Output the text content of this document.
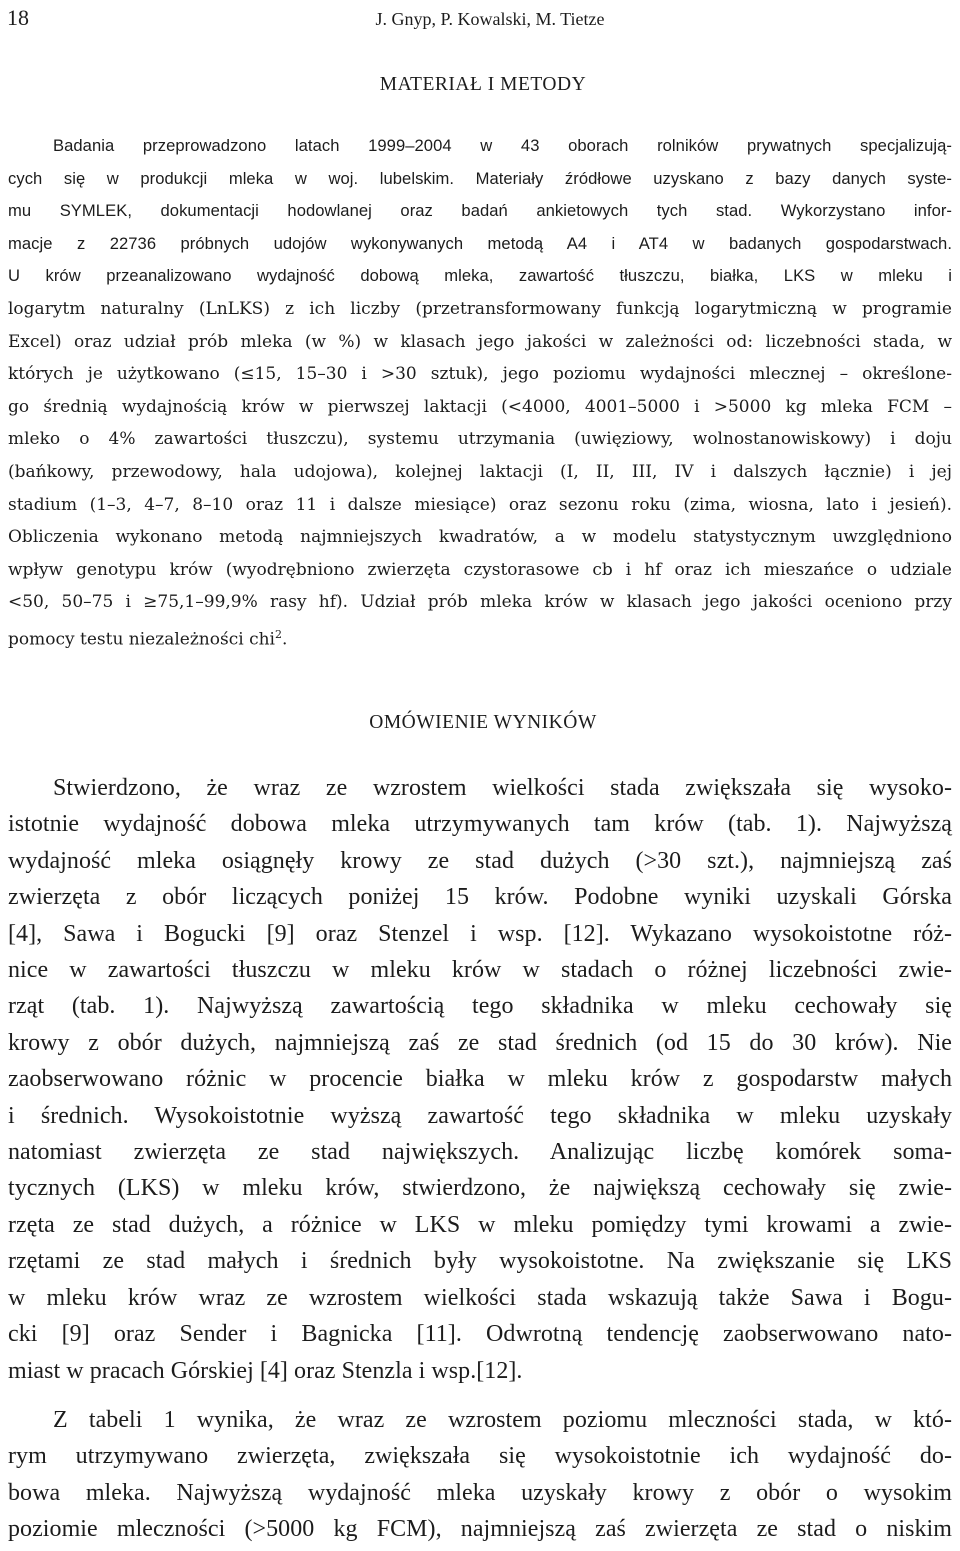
18	J. Gnyp, P. Kowalski, M. Tietze
MATERIAŁ I METODY
Badania przeprowadzono latach 1999–2004 w 43 oborach rolników prywatnych specjalizują-
cych się w produkcji mleka w woj. lubelskim. Materiały źródłowe uzyskano z bazy danych syste-
mu SYMLEK, dokumentacji hodowlanej oraz badań ankietowych tych stad. Wykorzystano infor-
macje z 22736 próbnych udojów wykonywanych metodą A4 i AT4 w badanych gospodarstwach.
U krów przeanalizowano wydajność dobową mleka, zawartość tłuszczu, białka, LKS w mleku i
logarytm naturalny (LnLKS) z ich liczby (przetransformowany funkcją logarytmiczną w programie
Excel) oraz udział prób mleka (w %) w klasach jego jakości w zależności od: liczebności stada, w
których je użytkowano (≤15, 15–30 i >30 sztuk), jego poziomu wydajności mlecznej – określone-
go średnią wydajnością krów w pierwszej laktacji (<4000, 4001–5000 i >5000 kg mleka FCM –
mleko o 4% zawartości tłuszczu), systemu utrzymania (uwięziowy, wolnostanowiskowy) i doju
(bańkowy, przewodowy, hala udojowa), kolejnej laktacji (I, II, III, IV i dalszych łącznie) i jej
stadium (1–3, 4–7, 8–10 oraz 11 i dalsze miesiące) oraz sezonu roku (zima, wiosna, lato i jesień).
Obliczenia wykonano metodą najmniejszych kwadratów, a w modelu statystycznym uwzględniono
wpływ genotypu krów (wyodrębniono zwierzęta czystorasowe cb i hf oraz ich mieszańce o udziale
<50, 50–75 i ≥75,1–99,9% rasy hf). Udział prób mleka krów w klasach jego jakości oceniono przy
pomocy testu niezależności chi$^2$.
OMÓWIENIE WYNIKÓW
Stwierdzono, że wraz ze wzrostem wielkości stada zwiększała się wysoko-
istotnie wydajność dobowa mleka utrzymywanych tam krów (tab. 1). Najwyższą
wydajność mleka osiągnęły krowy ze stad dużych (>30 szt.), najmniejszą zaś
zwierzęta z obór liczących poniżej 15 krów. Podobne wyniki uzyskali Górska
[4], Sawa i Bogucki [9] oraz Stenzel i wsp. [12]. Wykazano wysokoistotne róż-
nice w zawartości tłuszczu w mleku krów w stadach o różnej liczebności zwie-
rząt (tab. 1). Najwyższą zawartością tego składnika w mleku cechowały się
krowy z obór dużych, najmniejszą zaś ze stad średnich (od 15 do 30 krów). Nie
zaobserwowano różnic w procencie białka w mleku krów z gospodarstw małych
i średnich. Wysokoistotnie wyższą zawartość tego składnika w mleku uzyskały
natomiast zwierzęta ze stad największych. Analizując liczbę komórek soma-
tycznych (LKS) w mleku krów, stwierdzono, że największą cechowały się zwie-
rzęta ze stad dużych, a różnice w LKS w mleku pomiędzy tymi krowami a zwie-
rzętami ze stad małych i średnich były wysokoistotne. Na zwiększanie się LKS
w mleku krów wraz ze wzrostem wielkości stada wskazują także Sawa i Bogu-
cki [9] oraz Sender i Bagnicka [11]. Odwrotną tendencję zaobserwowano nato-
miast w pracach Górskiej [4] oraz Stenzla i wsp.[12].
Z tabeli 1 wynika, że wraz ze wzrostem poziomu mleczności stada, w któ-
rym utrzymywano zwierzęta, zwiększała się wysokoistotnie ich wydajność do-
bowa mleka. Najwyższą wydajność mleka uzyskały krowy z obór o wysokim
poziomie mleczności (>5000 kg FCM), najmniejszą zaś zwierzęta ze stad o niskim
